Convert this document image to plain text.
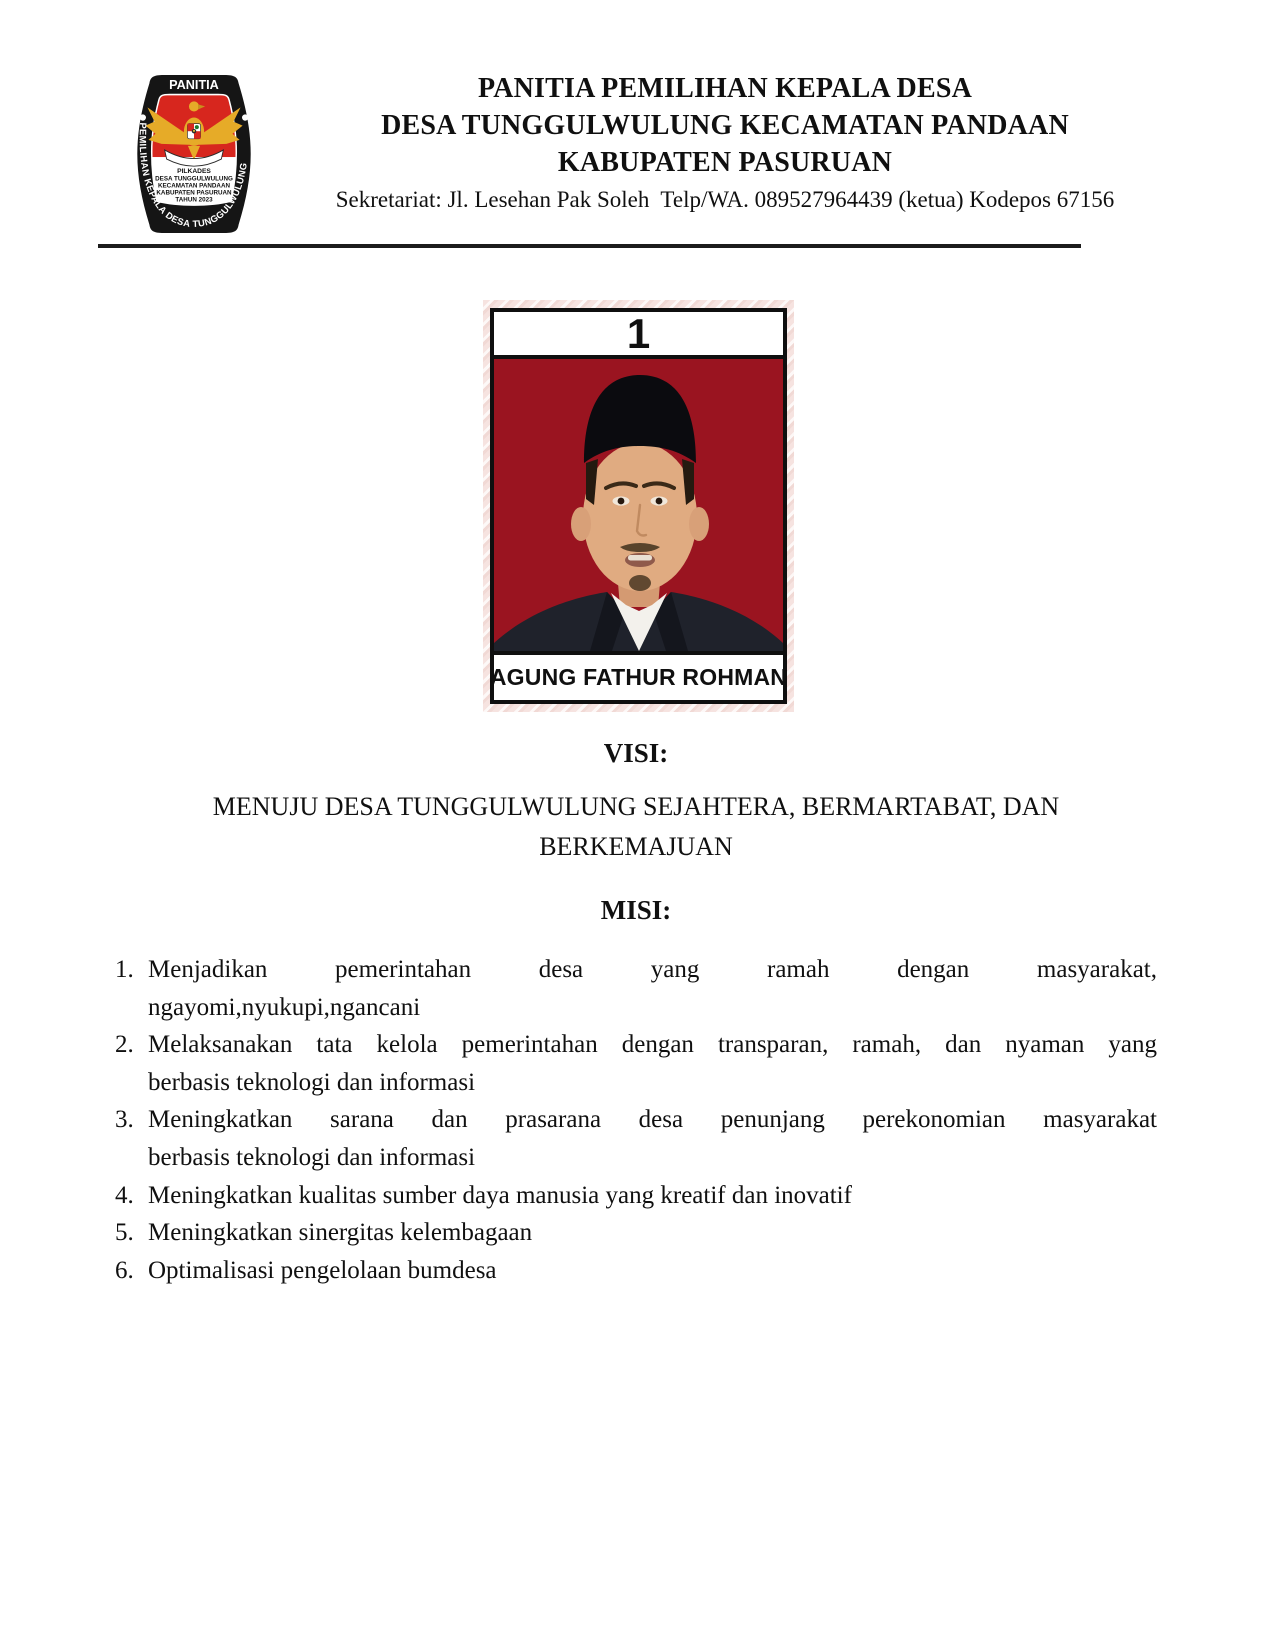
PANITIA
PILKADES
DESA TUNGGULWULUNG
KECAMATAN PANDAAN
KABUPATEN PASURUAN
TAHUN 2023
PEMILIHAN KEPALA DESA TUNGGULWULUNG
PANITIA PEMILIHAN KEPALA DESA
DESA TUNGGULWULUNG KECAMATAN PANDAAN
KABUPATEN PASURUAN
Sekretariat: Jl. Lesehan Pak Soleh  Telp/WA. 089527964439 (ketua) Kodepos 67156
1
AGUNG FATHUR ROHMAN
VISI:
MENUJU DESA TUNGGULWULUNG SEJAHTERA, BERMARTABAT, DAN
BERKEMAJUAN
MISI:
1. Menjadikan pemerintahan desa yang ramah dengan masyarakat,
ngayomi,nyukupi,ngancani
2. Melaksanakan tata kelola pemerintahan dengan transparan, ramah, dan nyaman yang
berbasis teknologi dan informasi
3. Meningkatkan sarana dan prasarana desa penunjang perekonomian masyarakat
berbasis teknologi dan informasi
4. Meningkatkan kualitas sumber daya manusia yang kreatif dan inovatif
5. Meningkatkan sinergitas kelembagaan
6. Optimalisasi pengelolaan bumdesa
